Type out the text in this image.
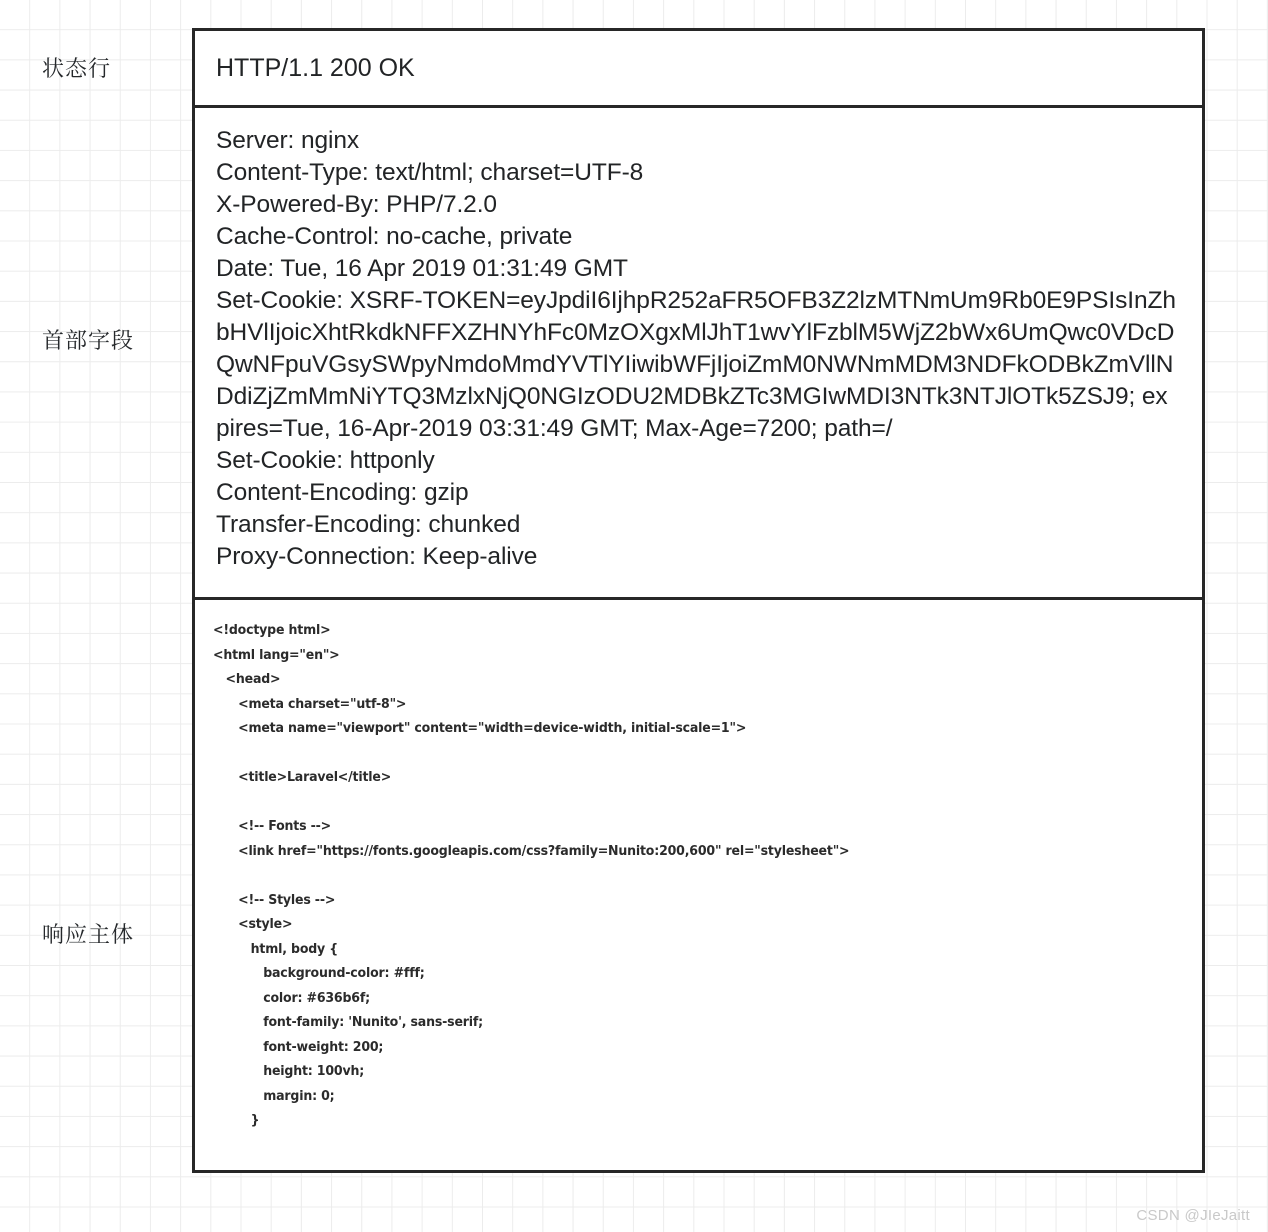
状态行
首部字段
响应主体
HTTP/1.1 200 OK
Server: nginx
Content-Type: text/html; charset=UTF-8
X-Powered-By: PHP/7.2.0
Cache-Control: no-cache, private
Date: Tue, 16 Apr 2019 01:31:49 GMT
Set-Cookie: XSRF-TOKEN=eyJpdiI6IjhpR252aFR5OFB3Z2lzMTNmUm9Rb0E9PSIsInZhbHVlIjoicXhtRkdkNFFXZHNYhFc0MzOXgxMlJhT1wvYlFzblM5WjZ2bWx6UmQwc0VDcDQwNFpuVGsySWpyNmdoMmdYVTlYIiwibWFjIjoiZmM0NWNmMDM3NDFkODBkZmVllNDdiZjZmMmNiYTQ3MzlxNjQ0NGIzODU2MDBkZTc3MGIwMDI3NTk3NTJlOTk5ZSJ9; expires=Tue, 16-Apr-2019 03:31:49 GMT; Max-Age=7200; path=/
Set-Cookie: httponly
Content-Encoding: gzip
Transfer-Encoding: chunked
Proxy-Connection: Keep-alive
<!doctype html>
<html lang="en">
<head>
<meta charset="utf-8">
<meta name="viewport" content="width=device-width, initial-scale=1">

<title>Laravel</title>

<!-- Fonts -->
<link href="https://fonts.googleapis.com/css?family=Nunito:200,600" rel="stylesheet">

<!-- Styles -->
<style>
html, body {
background-color: #fff;
color: #636b6f;
font-family: 'Nunito', sans-serif;
font-weight: 200;
height: 100vh;
margin: 0;
}
CSDN @JIeJaitt
